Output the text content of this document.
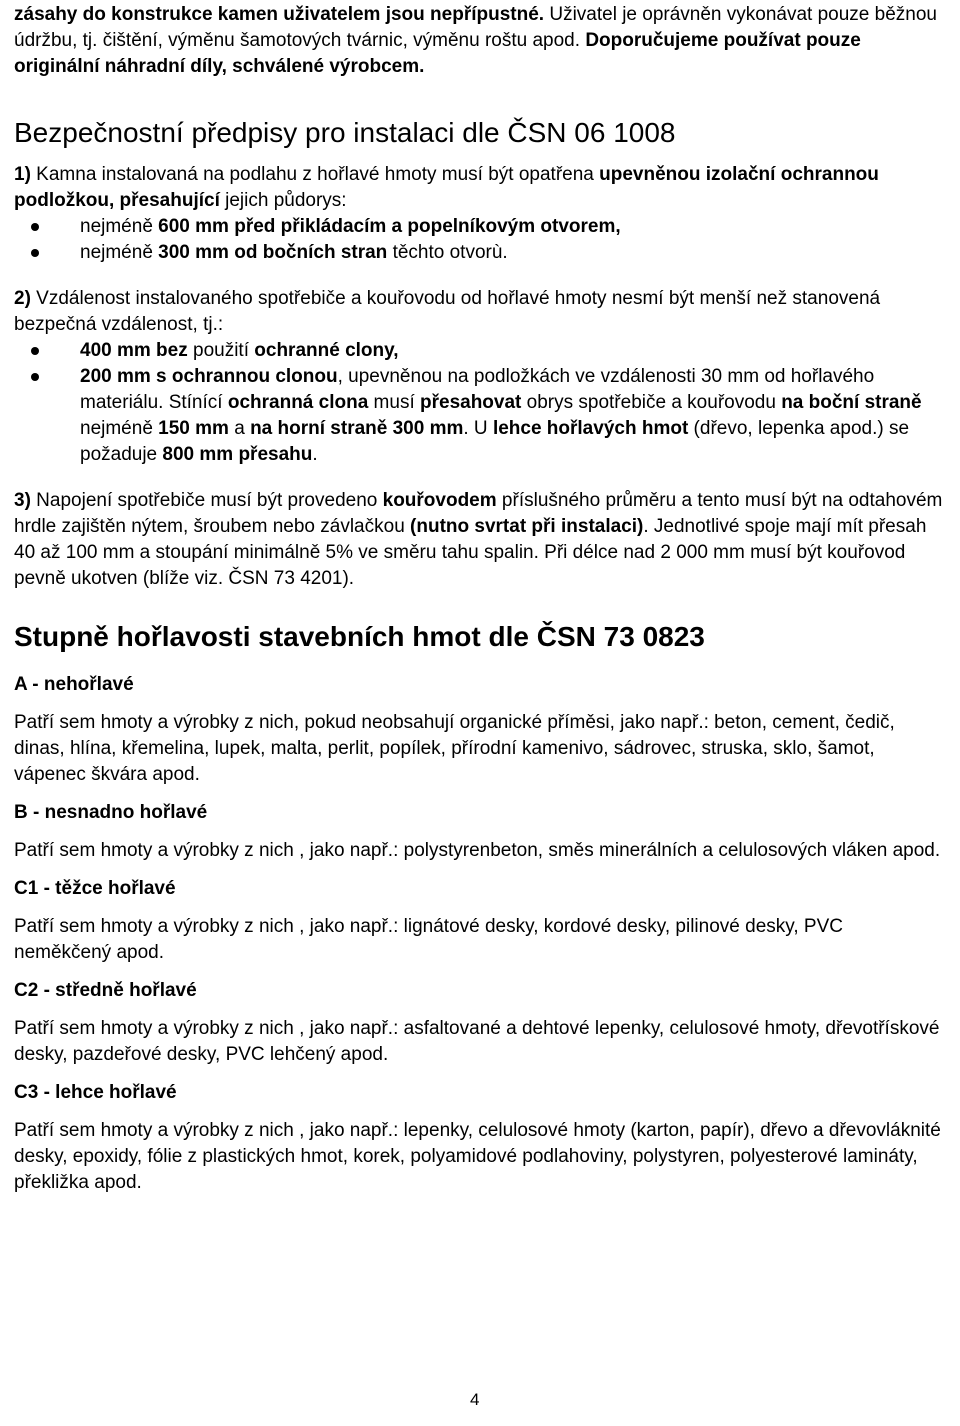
zásahy do konstrukce kamen uživatelem jsou nepřípustné. Uživatel je oprávněn vykonávat pouze běžnou údržbu, tj. čištění, výměnu šamotových tvárnic, výměnu roštu apod. Doporučujeme používat pouze originální náhradní díly, schválené výrobcem.

Bezpečnostní předpisy pro instalaci dle ČSN 06 1008

1) Kamna instalovaná na podlahu z hořlavé hmoty musí být opatřena upevněnou izolační ochrannou podložkou, přesahující jejich půdorys:

nejméně 600 mm před přikládacím a popelníkovým otvorem,
nejméně 300 mm od bočních stran těchto otvorù.

2) Vzdálenost instalovaného spotřebiče a kouřovodu od hořlavé hmoty nesmí být menší než stanovená bezpečná vzdálenost, tj.:

400 mm bez použití ochranné clony,
200 mm s ochrannou clonou, upevněnou na podložkách ve vzdálenosti 30 mm od hořlavého materiálu. Stínící ochranná clona musí přesahovat obrys spotřebiče a kouřovodu na boční straně nejméně 150 mm a na horní straně 300 mm. U lehce hořlavých hmot (dřevo, lepenka apod.) se požaduje 800 mm přesahu.

3) Napojení spotřebiče musí být provedeno kouřovodem příslušného průměru a tento musí být na odtahovém hrdle zajištěn nýtem, šroubem nebo závlačkou (nutno svrtat při instalaci). Jednotlivé spoje mají mít přesah 40 až 100 mm a stoupání minimálně 5% ve směru tahu spalin. Při délce nad 2 000 mm musí být kouřovod pevně ukotven (blíže viz. ČSN 73 4201).

Stupně hořlavosti stavebních hmot dle ČSN 73 0823

A - nehořlavé

Patří sem hmoty a výrobky z nich, pokud neobsahují organické příměsi, jako např.: beton, cement, čedič, dinas, hlína, křemelina, lupek, malta, perlit, popílek, přírodní kamenivo, sádrovec, struska, sklo, šamot, vápenec škvára apod.

B - nesnadno hořlavé

Patří sem hmoty a výrobky z nich , jako např.: polystyrenbeton, směs minerálních a celulosových vláken apod.

C1 - těžce hořlavé

Patří sem hmoty a výrobky z nich , jako např.: lignátové desky, kordové desky, pilinové desky, PVC neměkčený apod.

C2 - středně hořlavé

Patří sem hmoty a výrobky z nich , jako např.: asfaltované a dehtové lepenky, celulosové hmoty, dřevotřískové desky, pazdeřové desky, PVC lehčený apod.

C3 - lehce hořlavé

Patří sem hmoty a výrobky z nich , jako např.: lepenky, celulosové hmoty (karton, papír), dřevo a dřevovláknité desky, epoxidy, fólie z plastických hmot, korek, polyamidové podlahoviny, polystyren, polyesterové lamináty, překližka apod.

4
